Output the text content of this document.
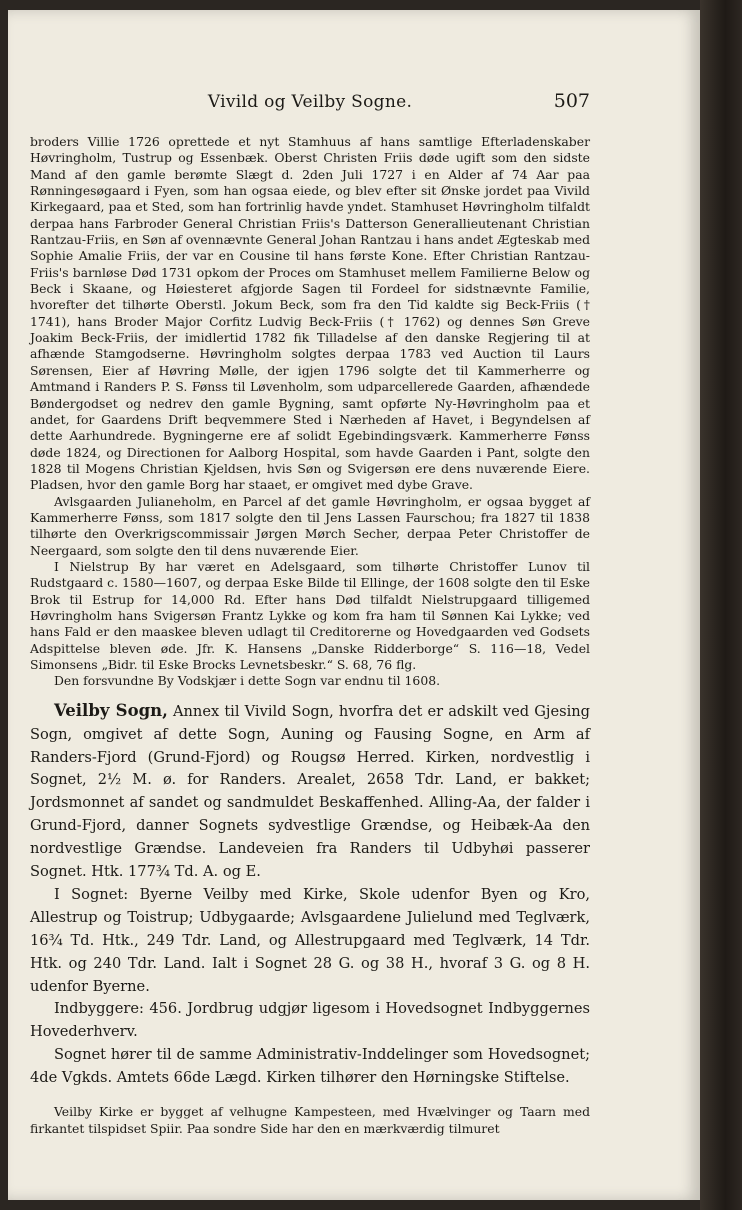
Vivild og Veilby Sogne.	507

broders Villie 1726 oprettede et nyt Stamhuus af hans samtlige Efterladenskaber Høvringholm, Tustrup og Essenbæk. Oberst Christen Friis døde ugift som den sidste Mand af den gamle berømte Slægt d. 2den Juli 1727 i en Alder af 74 Aar paa Rønningesøgaard i Fyen, som han ogsaa eiede, og blev efter sit Ønske jordet paa Vivild Kirkegaard, paa et Sted, som han fortrinlig havde yndet. Stamhuset Høvringholm tilfaldt derpaa hans Farbroder General Christian Friis's Datterson Generallieutenant Christian Rantzau-Friis, en Søn af ovennævnte General Johan Rantzau i hans andet Ægteskab med Sophie Amalie Friis, der var en Cousine til hans første Kone. Efter Christian Rantzau-Friis's barnløse Død 1731 opkom der Proces om Stamhuset mellem Familierne Below og Beck i Skaane, og Høiesteret afgjorde Sagen til Fordeel for sidstnævnte Familie, hvorefter det tilhørte Oberstl. Jokum Beck, som fra den Tid kaldte sig Beck-Friis († 1741), hans Broder Major Corfitz Ludvig Beck-Friis († 1762) og dennes Søn Greve Joakim Beck-Friis, der imidlertid 1782 fik Tilladelse af den danske Regjering til at afhænde Stamgodserne. Høvringholm solgtes derpaa 1783 ved Auction til Laurs Sørensen, Eier af Høvring Mølle, der igjen 1796 solgte det til Kammerherre og Amtmand i Randers P. S. Fønss til Løvenholm, som udparcellerede Gaarden, afhændede Bøndergodset og nedrev den gamle Bygning, samt opførte Ny-Høvringholm paa et andet, for Gaardens Drift beqvemmere Sted i Nærheden af Havet, i Begyndelsen af dette Aarhundrede. Bygningerne ere af solidt Egebindingsværk. Kammerherre Fønss døde 1824, og Directionen for Aalborg Hospital, som havde Gaarden i Pant, solgte den 1828 til Mogens Christian Kjeldsen, hvis Søn og Svigersøn ere dens nuværende Eiere. Pladsen, hvor den gamle Borg har staaet, er omgivet med dybe Grave.

Avlsgaarden Julianeholm, en Parcel af det gamle Høvringholm, er ogsaa bygget af Kammerherre Fønss, som 1817 solgte den til Jens Lassen Faurschou; fra 1827 til 1838 tilhørte den Overkrigscommissair Jørgen Mørch Secher, derpaa Peter Christoffer de Neergaard, som solgte den til dens nuværende Eier.

I Nielstrup By har været en Adelsgaard, som tilhørte Christoffer Lunov til Rudstgaard c. 1580—1607, og derpaa Eske Bilde til Ellinge, der 1608 solgte den til Eske Brok til Estrup for 14,000 Rd. Efter hans Død tilfaldt Nielstrupgaard tilligemed Høvringholm hans Svigersøn Frantz Lykke og kom fra ham til Sønnen Kai Lykke; ved hans Fald er den maaskee bleven udlagt til Creditorerne og Hovedgaarden ved Godsets Adspittelse bleven øde. Jfr. K. Hansens „Danske Ridderborge“ S. 116—18, Vedel Simonsens „Bidr. til Eske Brocks Levnetsbeskr.“ S. 68, 76 flg.

Den forsvundne By Vodskjær i dette Sogn var endnu til 1608.

Veilby Sogn, Annex til Vivild Sogn, hvorfra det er adskilt ved Gjesing Sogn, omgivet af dette Sogn, Auning og Fausing Sogne, en Arm af Randers-Fjord (Grund-Fjord) og Rougsø Herred. Kirken, nordvestlig i Sognet, 2½ M. ø. for Randers. Arealet, 2658 Tdr. Land, er bakket; Jordsmonnet af sandet og sandmuldet Beskaffenhed. Alling-Aa, der falder i Grund-Fjord, danner Sognets sydvestlige Grændse, og Heibæk-Aa den nordvestlige Grændse. Landeveien fra Randers til Udbyhøi passerer Sognet. Htk. 177¾ Td. A. og E.

I Sognet: Byerne Veilby med Kirke, Skole udenfor Byen og Kro, Allestrup og Toistrup; Udbygaarde; Avlsgaardene Julielund med Teglværk, 16¾ Td. Htk., 249 Tdr. Land, og Allestrupgaard med Teglværk, 14 Tdr. Htk. og 240 Tdr. Land. Ialt i Sognet 28 G. og 38 H., hvoraf 3 G. og 8 H. udenfor Byerne.

Indbyggere: 456. Jordbrug udgjør ligesom i Hovedsognet Indbyggernes Hovederhverv.

Sognet hører til de samme Administrativ-Inddelinger som Hovedsognet; 4de Vgkds. Amtets 66de Lægd. Kirken tilhører den Hørningske Stiftelse.

Veilby Kirke er bygget af velhugne Kampesteen, med Hvælvinger og Taarn med firkantet tilspidset Spiir. Paa sondre Side har den en mærkværdig tilmuret
